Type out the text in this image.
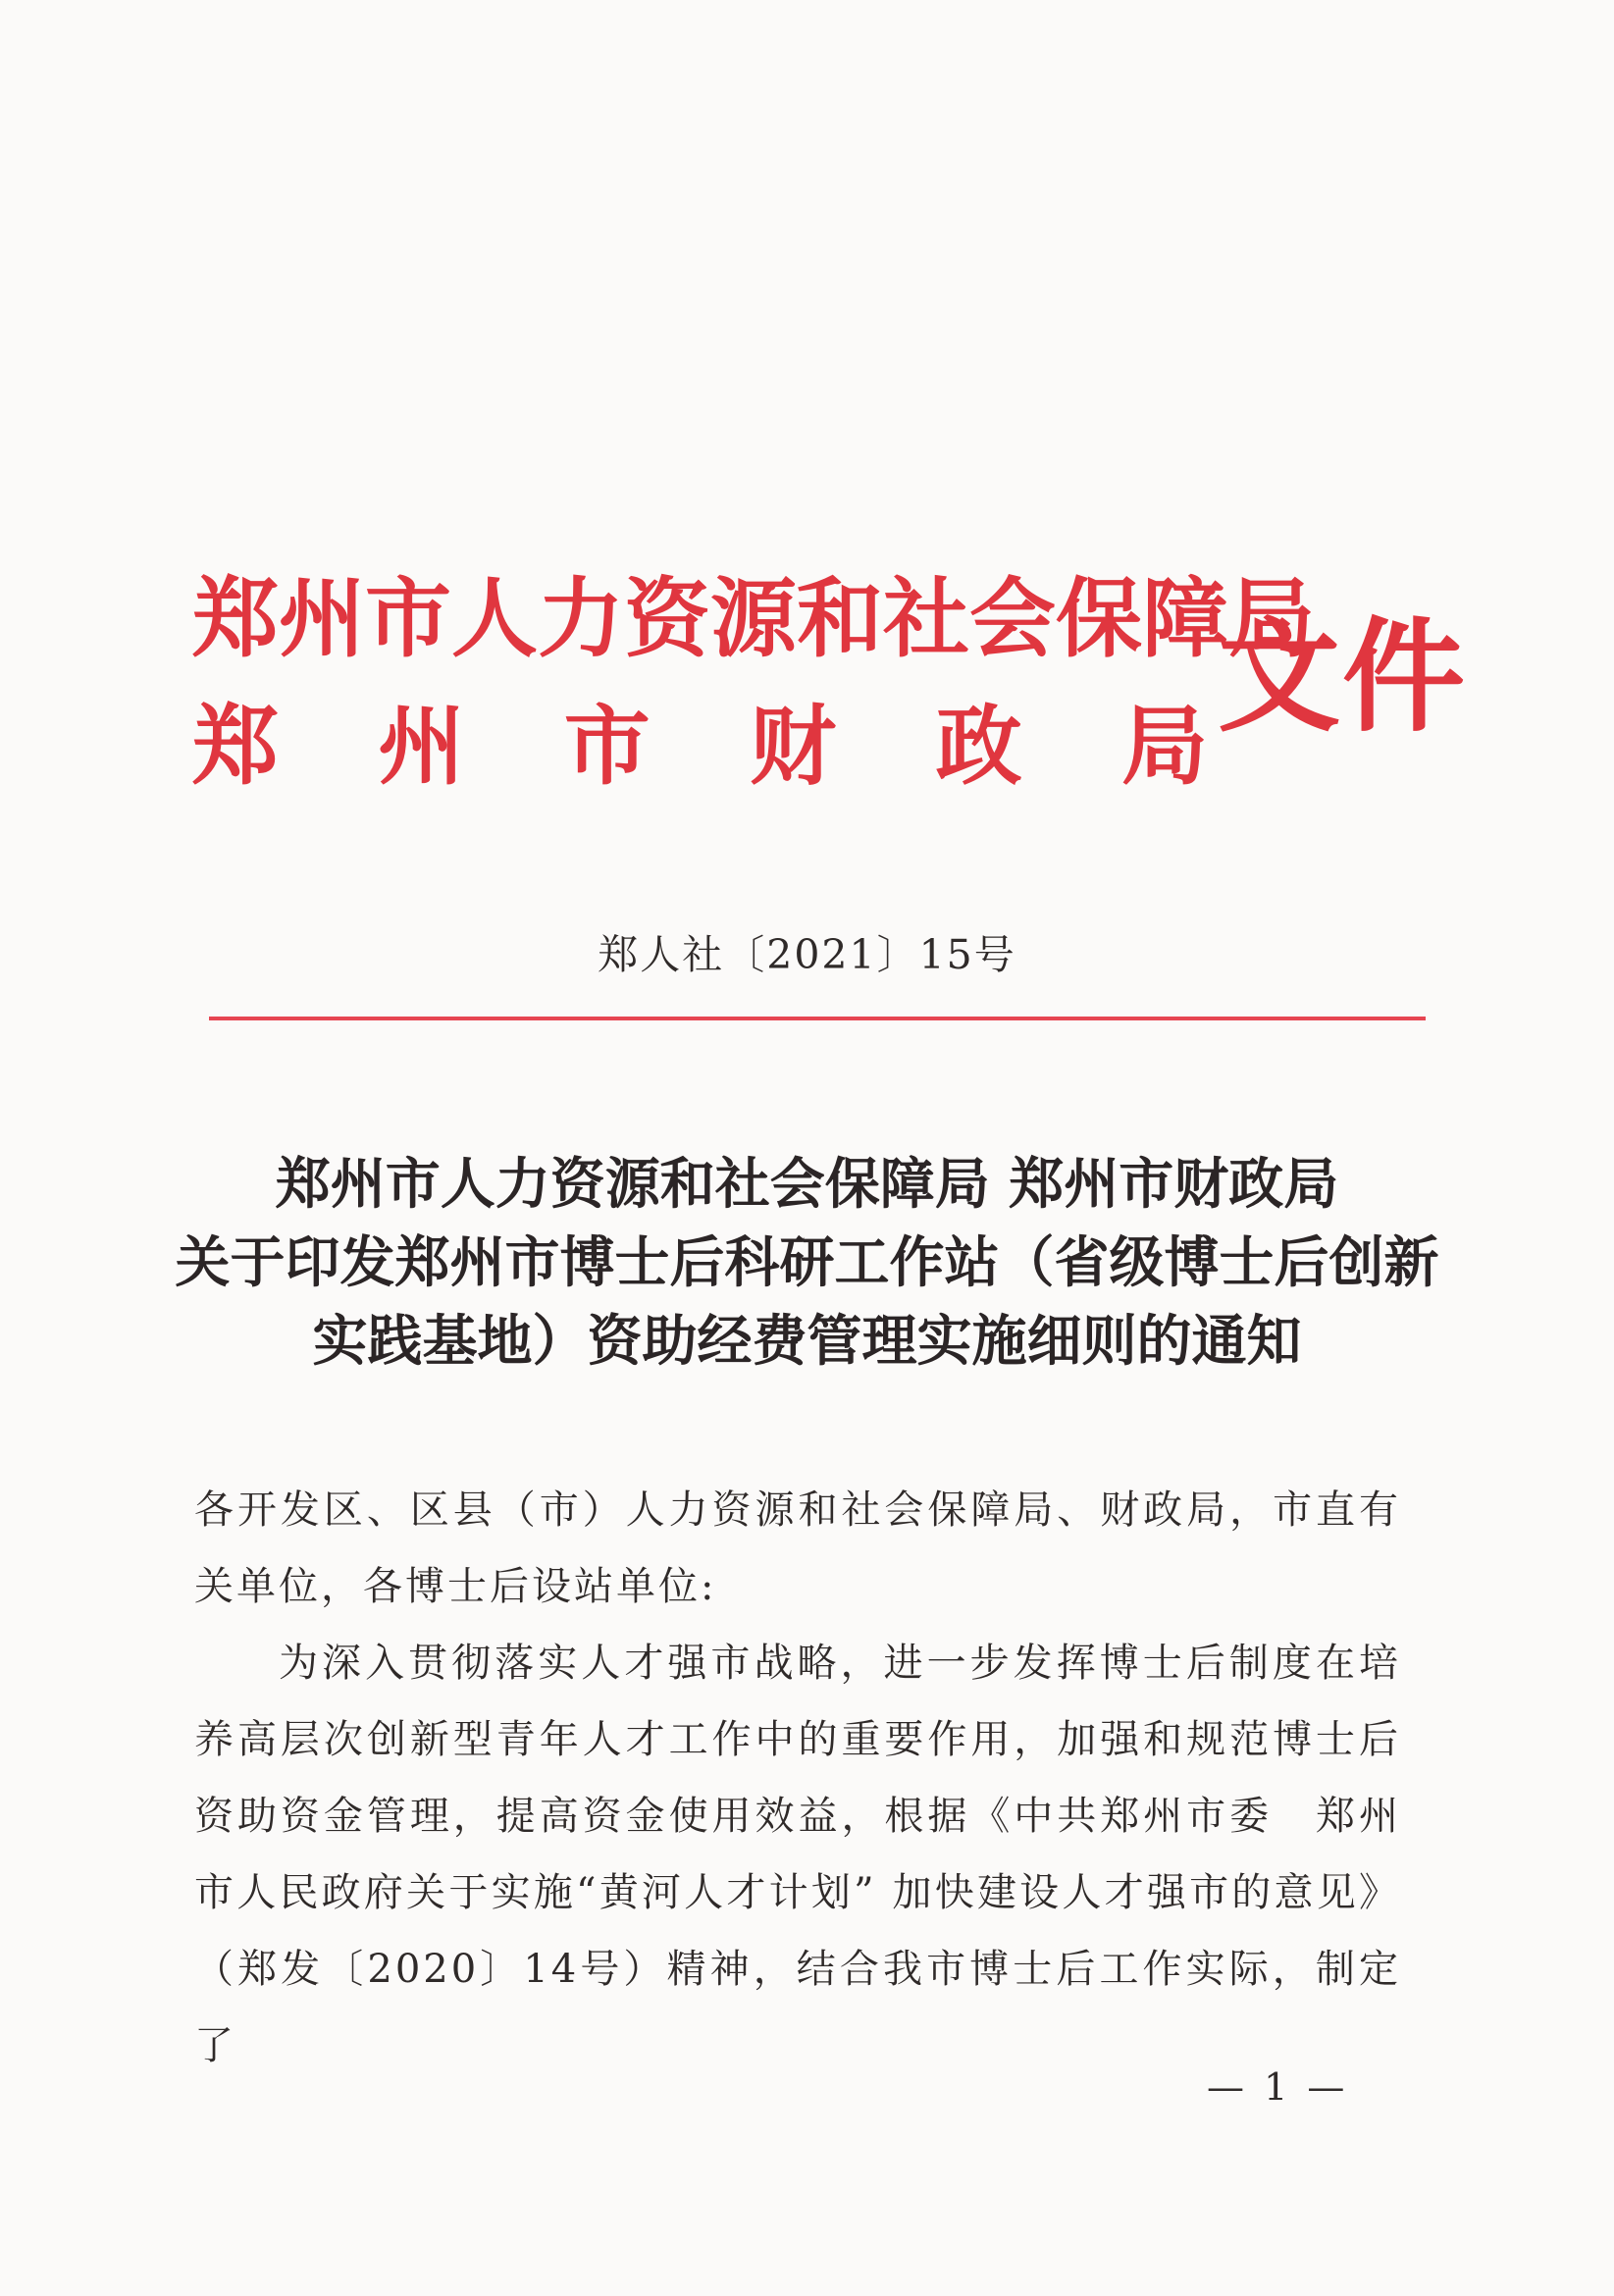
郑州市人力资源和社会保障局
郑 州 市 财 政 局 文件
郑人社〔2021〕15号
郑州市人力资源和社会保障局 郑州市财政局
关于印发郑州市博士后科研工作站（省级博士后创新
实践基地）资助经费管理实施细则的通知

各开发区、区县（市）人力资源和社会保障局、财政局，市直有关单位，各博士后设站单位:

为深入贯彻落实人才强市战略，进一步发挥博士后制度在培养高层次创新型青年人才工作中的重要作用，加强和规范博士后资助资金管理，提高资金使用效益，根据《中共郑州市委　郑州市人民政府关于实施“黄河人才计划” 加快建设人才强市的意见》（郑发〔2020〕14号）精神，结合我市博士后工作实际，制定了

— 1 —
